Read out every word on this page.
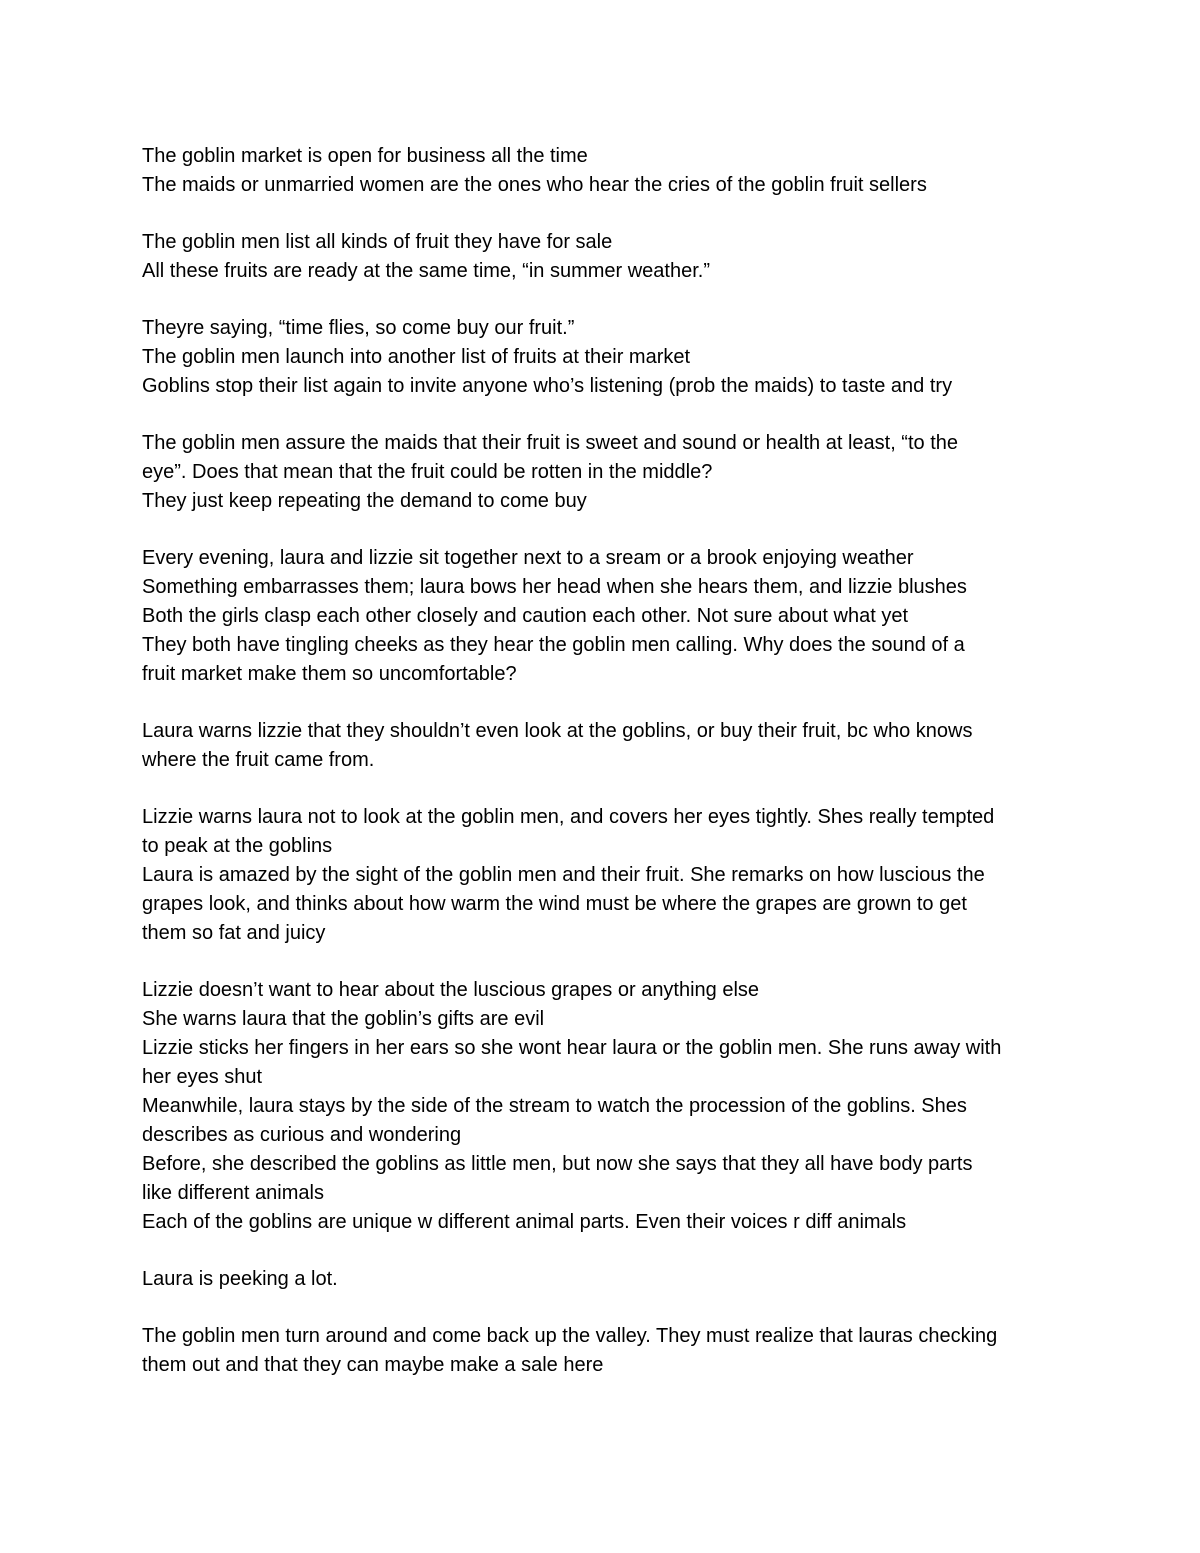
The goblin market is open for business all the time
The maids or unmarried women are the ones who hear the cries of the goblin fruit sellers
The goblin men list all kinds of fruit they have for sale
All these fruits are ready at the same time, “in summer weather.”
Theyre saying, “time flies, so come buy our fruit.”
The goblin men launch into another list of fruits at their market
Goblins stop their list again to invite anyone who’s listening (prob the maids) to taste and try
The goblin men assure the maids that their fruit is sweet and sound or health at least, “to the
eye”. Does that mean that the fruit could be rotten in the middle?
They just keep repeating the demand to come buy
Every evening, laura and lizzie sit together next to a sream or a brook enjoying weather
Something embarrasses them; laura bows her head when she hears them, and lizzie blushes
Both the girls clasp each other closely and caution each other. Not sure about what yet
They both have tingling cheeks as they hear the goblin men calling. Why does the sound of a
fruit market make them so uncomfortable?
Laura warns lizzie that they shouldn’t even look at the goblins, or buy their fruit, bc who knows
where the fruit came from.
Lizzie warns laura not to look at the goblin men, and covers her eyes tightly. Shes really tempted
to peak at the goblins
Laura is amazed by the sight of the goblin men and their fruit. She remarks on how luscious the
grapes look, and thinks about how warm the wind must be where the grapes are grown to get
them so fat and juicy
Lizzie doesn’t want to hear about the luscious grapes or anything else
She warns laura that the goblin’s gifts are evil
Lizzie sticks her fingers in her ears so she wont hear laura or the goblin men. She runs away with
her eyes shut
Meanwhile, laura stays by the side of the stream to watch the procession of the goblins. Shes
describes as curious and wondering
Before, she described the goblins as little men, but now she says that they all have body parts
like different animals
Each of the goblins are unique w different animal parts. Even their voices r diff animals
Laura is peeking a lot.
The goblin men turn around and come back up the valley. They must realize that lauras checking
them out and that they can maybe make a sale here
